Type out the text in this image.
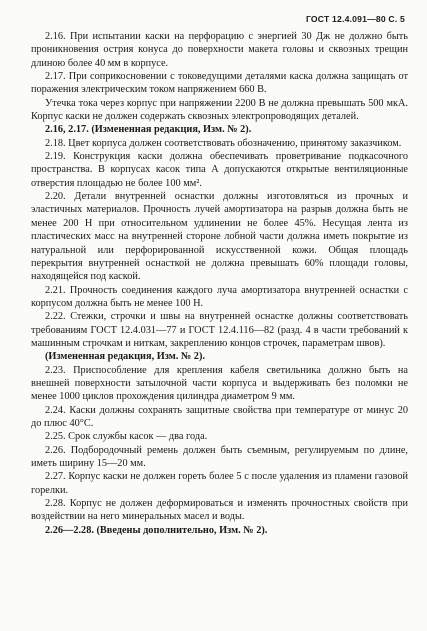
ГОСТ 12.4.091—80 С. 5

2.16. При испытании каски на перфорацию с энергией 30 Дж не должно быть проникновения острия конуса до поверхности макета головы и сквозных трещин длиною более 40 мм в корпусе.

2.17. При соприкосновении с токоведущими деталями каска должна защищать от поражения электрическим током напряжением 660 В.

Утечка тока через корпус при напряжении 2200 В не должна превышать 500 мкА. Корпус каски не должен содержать сквозных электропроводящих деталей.

2.16, 2.17. (Измененная редакция, Изм. № 2).

2.18. Цвет корпуса должен соответствовать обозначению, принятому заказчиком.

2.19. Конструкция каски должна обеспечивать проветривание подкасочного пространства. В корпусах касок типа А допускаются открытые вентиляционные отверстия площадью не более 100 мм².

2.20. Детали внутренней оснастки должны изготовляться из прочных и эластичных материалов. Прочность лучей амортизатора на разрыв должна быть не менее 200 Н при относительном удлинении не более 45%. Несущая лента из пластических масс на внутренней стороне лобной части должна иметь покрытие из натуральной или перфорированной искусственной кожи. Общая площадь перекрытия внутренней оснасткой не должна превышать 60% площади головы, находящейся под каской.

2.21. Прочность соединения каждого луча амортизатора внутренней оснастки с корпусом должна быть не менее 100 Н.

2.22. Стежки, строчки и швы на внутренней оснастке должны соответствовать требованиям ГОСТ 12.4.031—77 и ГОСТ 12.4.116—82 (разд. 4 в части требований к машинным строчкам и ниткам, закреплению концов строчек, параметрам швов).

(Измененная редакция, Изм. № 2).

2.23. Приспособление для крепления кабеля светильника должно быть на внешней поверхности затылочной части корпуса и выдерживать без поломки не менее 1000 циклов прохождения цилиндра диаметром 9 мм.

2.24. Каски должны сохранять защитные свойства при температуре от минус 20 до плюс 40°С.

2.25. Срок службы касок — два года.

2.26. Подбородочный ремень должен быть съемным, регулируемым по длине, иметь ширину 15—20 мм.

2.27. Корпус каски не должен гореть более 5 с после удаления из пламени газовой горелки.

2.28. Корпус не должен деформироваться и изменять прочностных свойств при воздействии на него минеральных масел и воды.

2.26—2.28. (Введены дополнительно, Изм. № 2).
